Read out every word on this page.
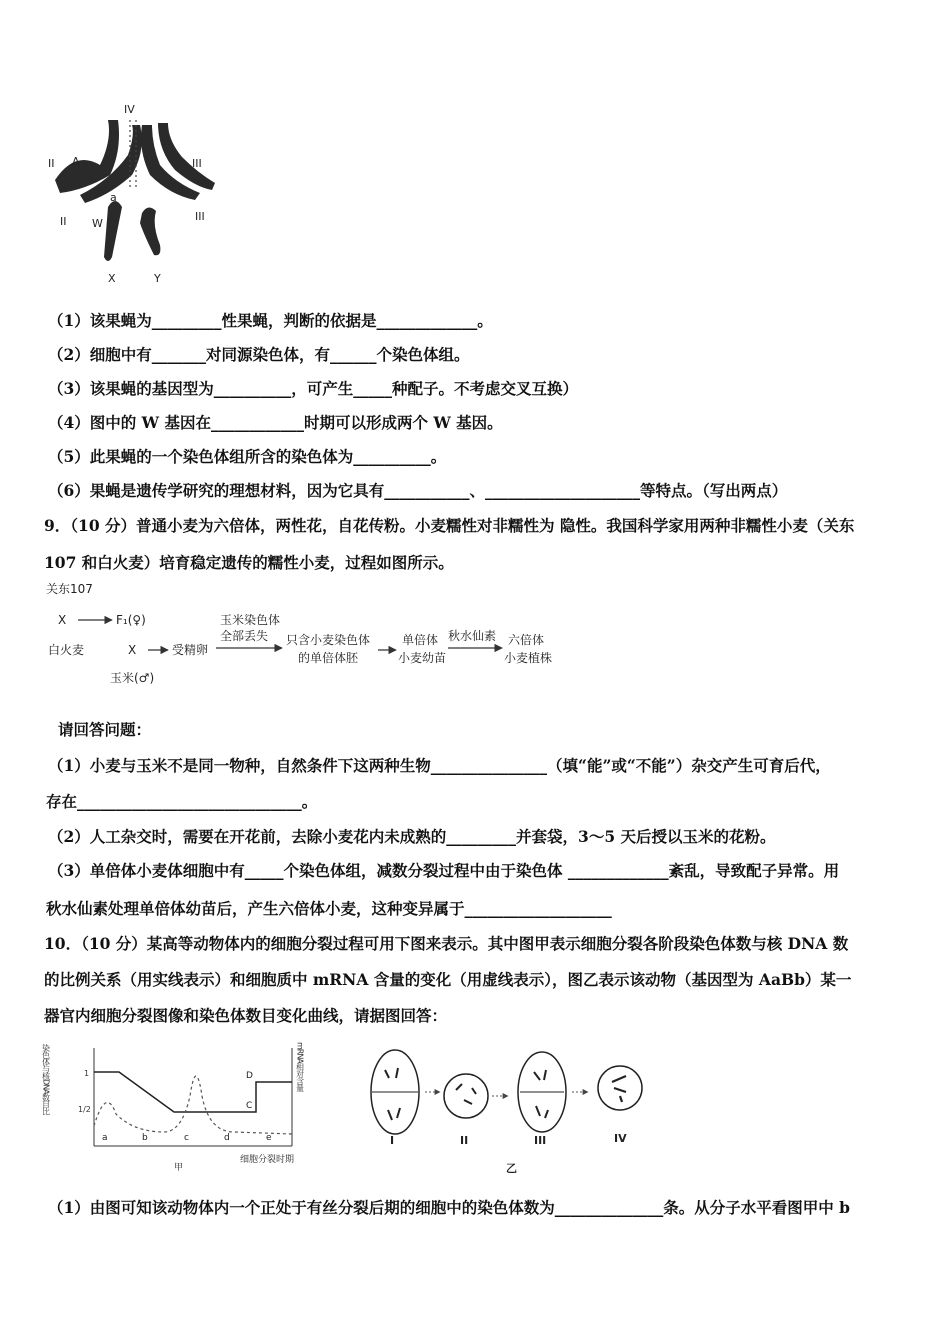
IV
II A	III
a
II W
III
X	Y
（1）该果蝇为_________性果蝇，判断的依据是_____________。
（2）细胞中有_______对同源染色体，有______个染色体组。
（3）该果蝇的基因型为__________，可产生_____种配子。不考虑交叉互换）
（4）图中的 W 基因在____________时期可以形成两个 W 基因。
（5）此果蝇的一个染色体组所含的染色体为__________。
（6）果蝇是遗传学研究的理想材料，因为它具有___________、____________________等特点。（写出两点）
9．（10 分）普通小麦为六倍体，两性花，自花传粉。小麦糯性对非糯性为 隐性。我国科学家用两种非糯性小麦（关东
107 和白火麦）培育稳定遗传的糯性小麦，过程如图所示。
关东107
X	F₁(♀)
白火麦	X	受精卵
玉米(♂)
玉米染色体
全部丢失 只含小麦染色体
的单倍体胚
单倍体
小麦幼苗
秋水仙素 六倍体
小麦植株
请回答问题：
（1）小麦与玉米不是同一物种，自然条件下这两种生物_______________（填“能”或“不能”）杂交产生可育后代，
存在_____________________________。
（2）人工杂交时，需要在开花前，去除小麦花内未成熟的_________并套袋，3～5 天后授以玉米的花粉。
（3）单倍体小麦体细胞中有_____个染色体组，减数分裂过程中由于染色体 _____________紊乱，导致配子异常。用
秋水仙素处理单倍体幼苗后，产生六倍体小麦，这种变异属于___________________
10．（10 分）某高等动物体内的细胞分裂过程可用下图来表示。其中图甲表示细胞分裂各阶段染色体数与核 DNA 数
的比例关系（用实线表示）和细胞质中 mRNA 含量的变化（用虚线表示），图乙表示该动物（基因型为 AaBb）某一
器官内细胞分裂图像和染色体数目变化曲线，请据图回答：
染色体与核DNA数目比	mRNA相对含量
1
1/2
a	b	c	d	e
D
C
细胞分裂时期
甲
I	II	III	IV
乙
（1）由图可知该动物体内一个正处于有丝分裂后期的细胞中的染色体数为______________条。从分子水平看图甲中 b
